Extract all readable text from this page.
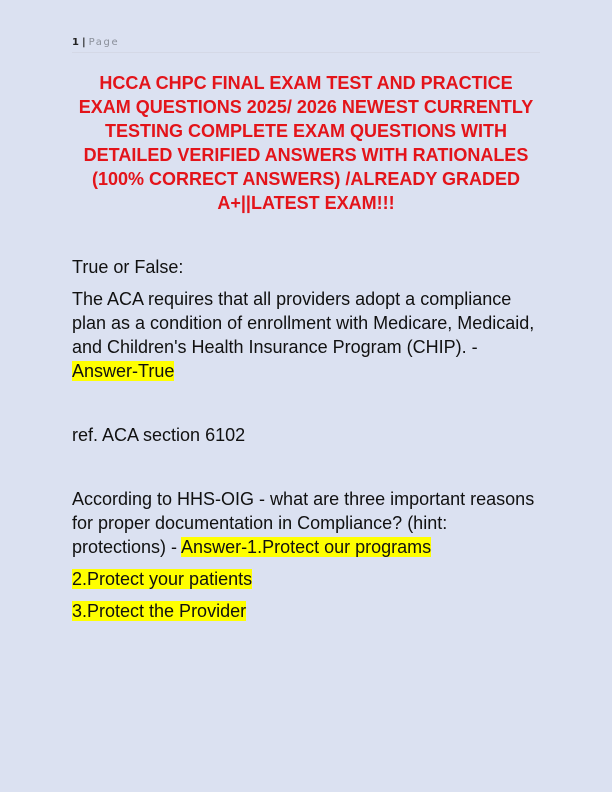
1 | Page

HCCA CHPC FINAL EXAM TEST AND PRACTICE

EXAM QUESTIONS 2025/ 2026 NEWEST CURRENTLY

TESTING COMPLETE EXAM QUESTIONS WITH

DETAILED VERIFIED ANSWERS WITH RATIONALES

(100% CORRECT ANSWERS) /ALREADY GRADED

A+||LATEST EXAM!!!

True or False:

The ACA requires that all providers adopt a compliance

plan as a condition of enrollment with Medicare, Medicaid,

and Children's Health Insurance Program (CHIP). -

Answer-True

ref. ACA section 6102

According to HHS-OIG - what are three important reasons

for proper documentation in Compliance? (hint:

protections) - Answer-1.Protect our programs

2.Protect your patients

3.Protect the Provider
